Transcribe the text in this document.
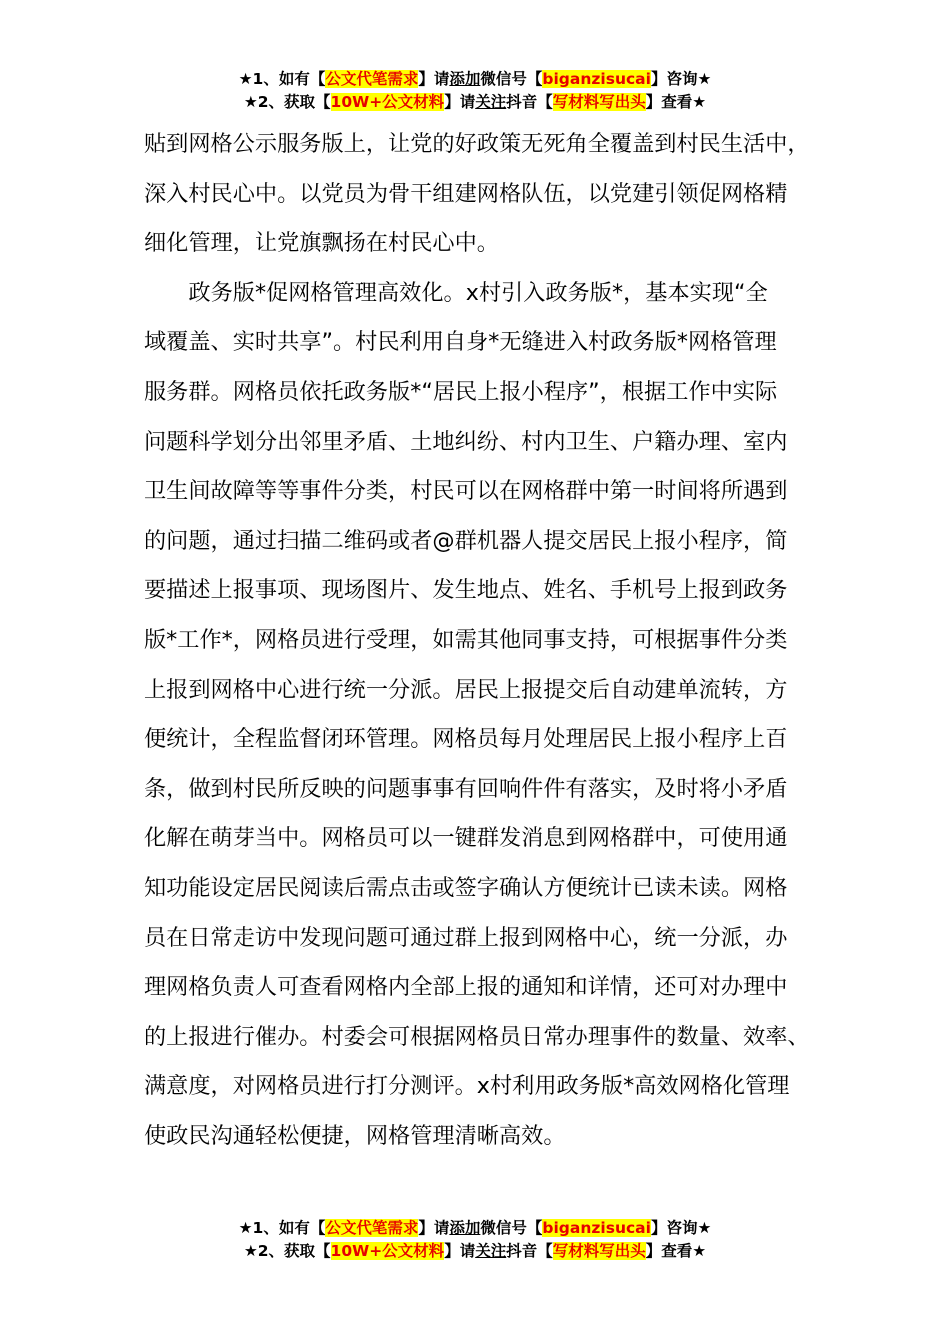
★1、如有【公文代笔需求】请添加微信号【biganzisucai】咨询★
★2、获取【10W+公文材料】请关注抖音【写材料写出头】查看★

贴到网格公示服务版上，让党的好政策无死角全覆盖到村民生活中，
深入村民心中。以党员为骨干组建网格队伍，以党建引领促网格精
细化管理，让党旗飘扬在村民心中。

政务版*促网格管理高效化。x村引入政务版*，基本实现“全
域覆盖、实时共享”。村民利用自身*无缝进入村政务版*网格管理
服务群。网格员依托政务版*“居民上报小程序”，根据工作中实际
问题科学划分出邻里矛盾、土地纠纷、村内卫生、户籍办理、室内
卫生间故障等等事件分类，村民可以在网格群中第一时间将所遇到
的问题，通过扫描二维码或者@群机器人提交居民上报小程序，简
要描述上报事项、现场图片、发生地点、姓名、手机号上报到政务
版*工作*，网格员进行受理，如需其他同事支持，可根据事件分类
上报到网格中心进行统一分派。居民上报提交后自动建单流转，方
便统计，全程监督闭环管理。网格员每月处理居民上报小程序上百
条，做到村民所反映的问题事事有回响件件有落实，及时将小矛盾
化解在萌芽当中。网格员可以一键群发消息到网格群中，可使用通
知功能设定居民阅读后需点击或签字确认方便统计已读未读。网格
员在日常走访中发现问题可通过群上报到网格中心，统一分派，办
理网格负责人可查看网格内全部上报的通知和详情，还可对办理中
的上报进行催办。村委会可根据网格员日常办理事件的数量、效率、
满意度，对网格员进行打分测评。x村利用政务版*高效网格化管理
使政民沟通轻松便捷，网格管理清晰高效。

★1、如有【公文代笔需求】请添加微信号【biganzisucai】咨询★
★2、获取【10W+公文材料】请关注抖音【写材料写出头】查看★
